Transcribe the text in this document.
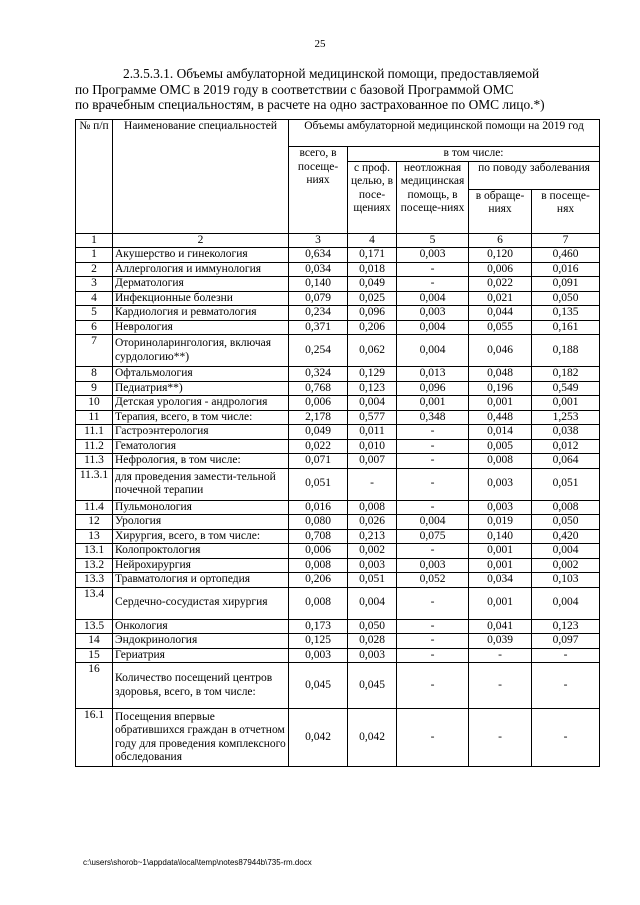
25
2.3.5.3.1. Объемы амбулаторной медицинской помощи, предоставляемой
по Программе ОМС в 2019 году в соответствии с базовой Программой ОМС
по врачебным специальностям, в расчете на одно застрахованное по ОМС лицо.*)
№ п/п	Наименование специальностей	Объемы амбулаторной медицинской помощи на 2019 год				
		всего, в посеще-ниях	в том числе:			
			с проф. целью, в посе-щениях	неотложная медицинская помощь, в посеще-ниях	по поводу заболевания	
					в обраще-ниях	в посеще-нях
1	2	3	4	5	6	7
1	Акушерство и гинекология	0,634	0,171	0,003	0,120	0,460
2	Аллергология и иммунология	0,034	0,018	-	0,006	0,016
3	Дерматология	0,140	0,049	-	0,022	0,091
4	Инфекционные болезни	0,079	0,025	0,004	0,021	0,050
5	Кардиология и ревматология	0,234	0,096	0,003	0,044	0,135
6	Неврология	0,371	0,206	0,004	0,055	0,161
7	Оториноларингология, включая сурдологию**)	0,254	0,062	0,004	0,046	0,188
8	Офтальмология	0,324	0,129	0,013	0,048	0,182
9	Педиатрия**)	0,768	0,123	0,096	0,196	0,549
10	Детская урология - андрология	0,006	0,004	0,001	0,001	0,001
11	Терапия, всего, в том числе:	2,178	0,577	0,348	0,448	1,253
11.1	Гастроэнтерология	0,049	0,011	-	0,014	0,038
11.2	Гематология	0,022	0,010	-	0,005	0,012
11.3	Нефрология, в том числе:	0,071	0,007	-	0,008	0,064
11.3.1	для проведения замести-тельной почечной терапии	0,051	-	-	0,003	0,051
11.4	Пульмонология	0,016	0,008	-	0,003	0,008
12	Урология	0,080	0,026	0,004	0,019	0,050
13	Хирургия, всего, в том числе:	0,708	0,213	0,075	0,140	0,420
13.1	Колопроктология	0,006	0,002	-	0,001	0,004
13.2	Нейрохирургия	0,008	0,003	0,003	0,001	0,002
13.3	Травматология и ортопедия	0,206	0,051	0,052	0,034	0,103
13.4	Сердечно-сосудистая хирургия	0,008	0,004	-	0,001	0,004
13.5	Онкология	0,173	0,050	-	0,041	0,123
14	Эндокринология	0,125	0,028	-	0,039	0,097
15	Гериатрия	0,003	0,003	-	-	-
16	Количество посещений центров здоровья, всего, в том числе:	0,045	0,045	-	-	-
16.1	Посещения впервые обратившихся граждан в отчетном году для проведения комплексного обследования	0,042	0,042	-	-	-
c:\users\shorob~1\appdata\local\temp\notes87944b\735-rm.docx
